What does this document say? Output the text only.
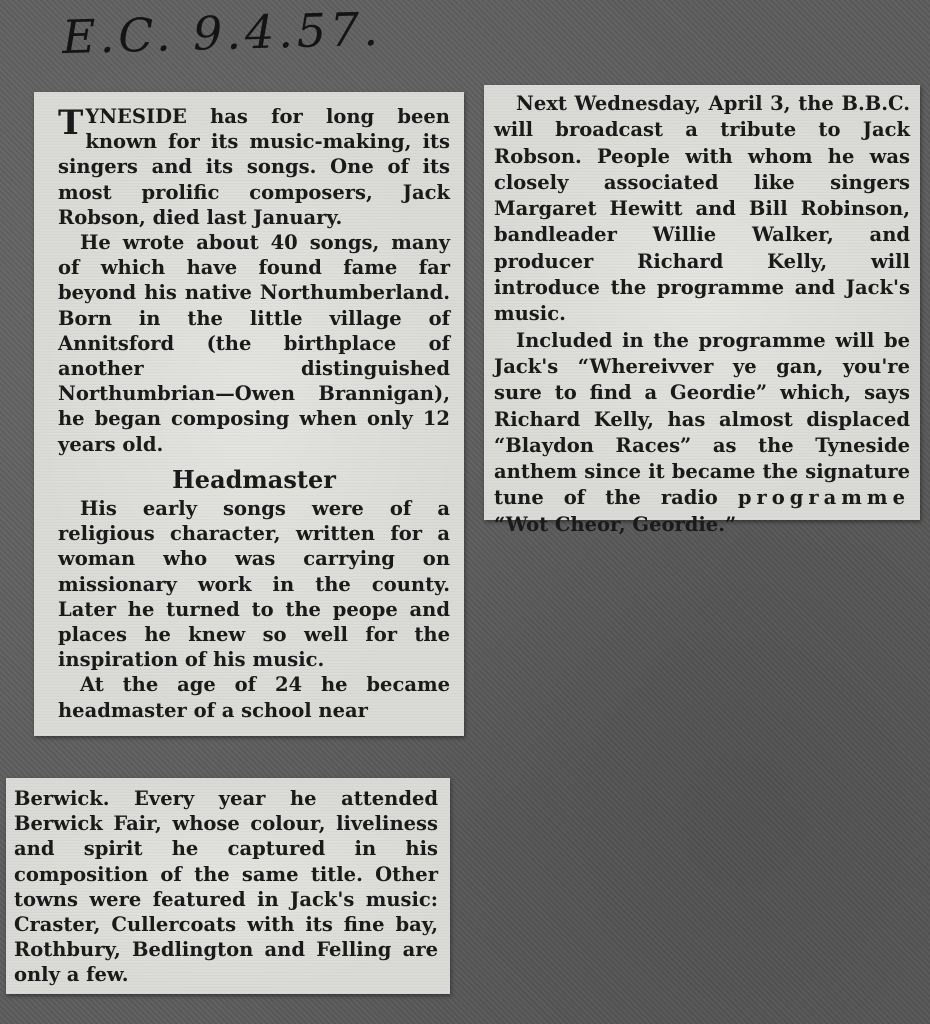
E.C. 9.4.57.

TYNESIDE has for long been known for its music-making, its singers and its songs. One of its most prolific composers, Jack Robson, died last January.

He wrote about 40 songs, many of which have found fame far beyond his native Northumberland. Born in the little village of Annitsford (the birthplace of another distinguished Northumbrian—Owen Brannigan), he began composing when only 12 years old.

Headmaster

His early songs were of a religious character, written for a woman who was carrying on missionary work in the county. Later he turned to the peope and places he knew so well for the inspiration of his music.

At the age of 24 he became headmaster of a school near

Next Wednesday, April 3, the B.B.C. will broadcast a tribute to Jack Robson. People with whom he was closely associated like singers Margaret Hewitt and Bill Robinson, bandleader Willie Walker, and producer Richard Kelly, will introduce the programme and Jack's music.

Included in the programme will be Jack's “Whereivver ye gan, you're sure to find a Geordie” which, says Richard Kelly, has almost displaced “Blaydon Races” as the Tyneside anthem since it became the signature tune of the radio programme “Wot Cheor, Geordie.”

Berwick. Every year he attended Berwick Fair, whose colour, liveliness and spirit he captured in his composition of the same title. Other towns were featured in Jack's music: Craster, Cullercoats with its fine bay, Rothbury, Bedlington and Felling are only a few.
